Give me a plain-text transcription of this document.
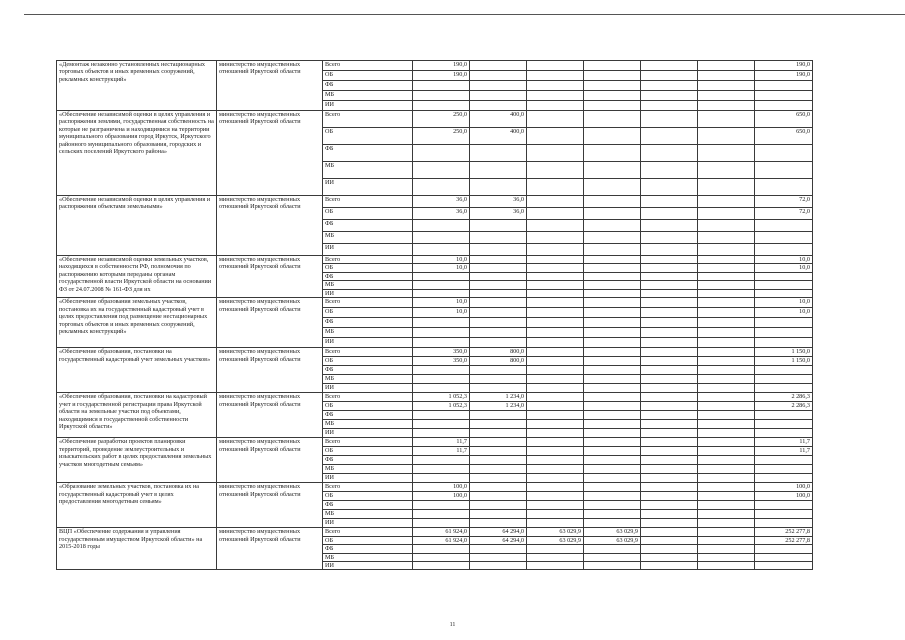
«Демонтаж незаконно установленных нестационарных торговых объектов и иных временных сооружений, рекламных конструкций»	министерство имущественных отношений Иркутской области	Всего	190,0						190,0
		ОБ	190,0						190,0
		ФБ							
		МБ							
		ИИ							
«Обеспечение независимой оценки в целях управления и распоряжения землями, государственная собственность на которые не разграничена и находящимися на территории муниципального образования город Иркутск, Иркутского районного муниципального образования, городских и сельских поселений Иркутского района»	министерство имущественных отношений Иркутской области	Всего	250,0	400,0					650,0
		ОБ	250,0	400,0					650,0
		ФБ							
		МБ							
		ИИ							
«Обеспечение независимой оценки в целях управления и распоряжения объектами земельными»	министерство имущественных отношений Иркутской области	Всего	36,0	36,0					72,0
		ОБ	36,0	36,0					72,0
		ФБ							
		МБ							
		ИИ							
«Обеспечение независимой оценки земельных участков, находящихся в собственности РФ, полномочия по распоряжению которыми переданы органам государственной власти Иркутской области на основании ФЗ от 24.07.2008 № 161-ФЗ для их	министерство имущественных отношений Иркутской области	Всего	10,0						10,0
		ОБ	10,0						10,0
		ФБ							
		МБ							
		ИИ							
«Обеспечение образования земельных участков, постановка их на государственный кадастровый учет в целях предоставления под размещение нестационарных торговых объектов и иных временных сооружений, рекламных конструкций»	министерство имущественных отношений Иркутской области	Всего	10,0						10,0
		ОБ	10,0						10,0
		ФБ							
		МБ							
		ИИ							
«Обеспечение образования, постановки на государственный кадастровый учет земельных участков»	министерство имущественных отношений Иркутской области	Всего	350,0	800,0					1 150,0
		ОБ	350,0	800,0					1 150,0
		ФБ							
		МБ							
		ИИ							
«Обеспечение образования, постановки на кадастровый учет и государственной регистрации права Иркутской области на земельные участки под объектами, находящимися в государственной собственности Иркутской области»	министерство имущественных отношений Иркутской области	Всего	1 052,3	1 234,0					2 286,3
		ОБ	1 052,3	1 234,0					2 286,3
		ФБ							
		МБ							
		ИИ							
«Обеспечение разработки проектов планировки территорий, проведение землеустроительных и изыскательских работ в целях предоставления земельных участков многодетным семьям»	министерство имущественных отношений Иркутской области	Всего	11,7						11,7
		ОБ	11,7						11,7
		ФБ							
		МБ							
		ИИ							
«Образование земельных участков, постановка их на государственный кадастровый учет в целях предоставления многодетным семьям»	министерство имущественных отношений Иркутской области	Всего	100,0						100,0
		ОБ	100,0						100,0
		ФБ							
		МБ							
		ИИ							
ВЦП «Обеспечение содержания и управления государственным имуществом Иркутской области» на 2015-2018 годы	министерство имущественных отношений Иркутской области	Всего	61 924,0	64 294,0	63 029,9	63 029,9			252 277,8
		ОБ	61 924,0	64 294,0	63 029,9	63 029,9			252 277,8
		ФБ							
		МБ							
		ИИ							
11
